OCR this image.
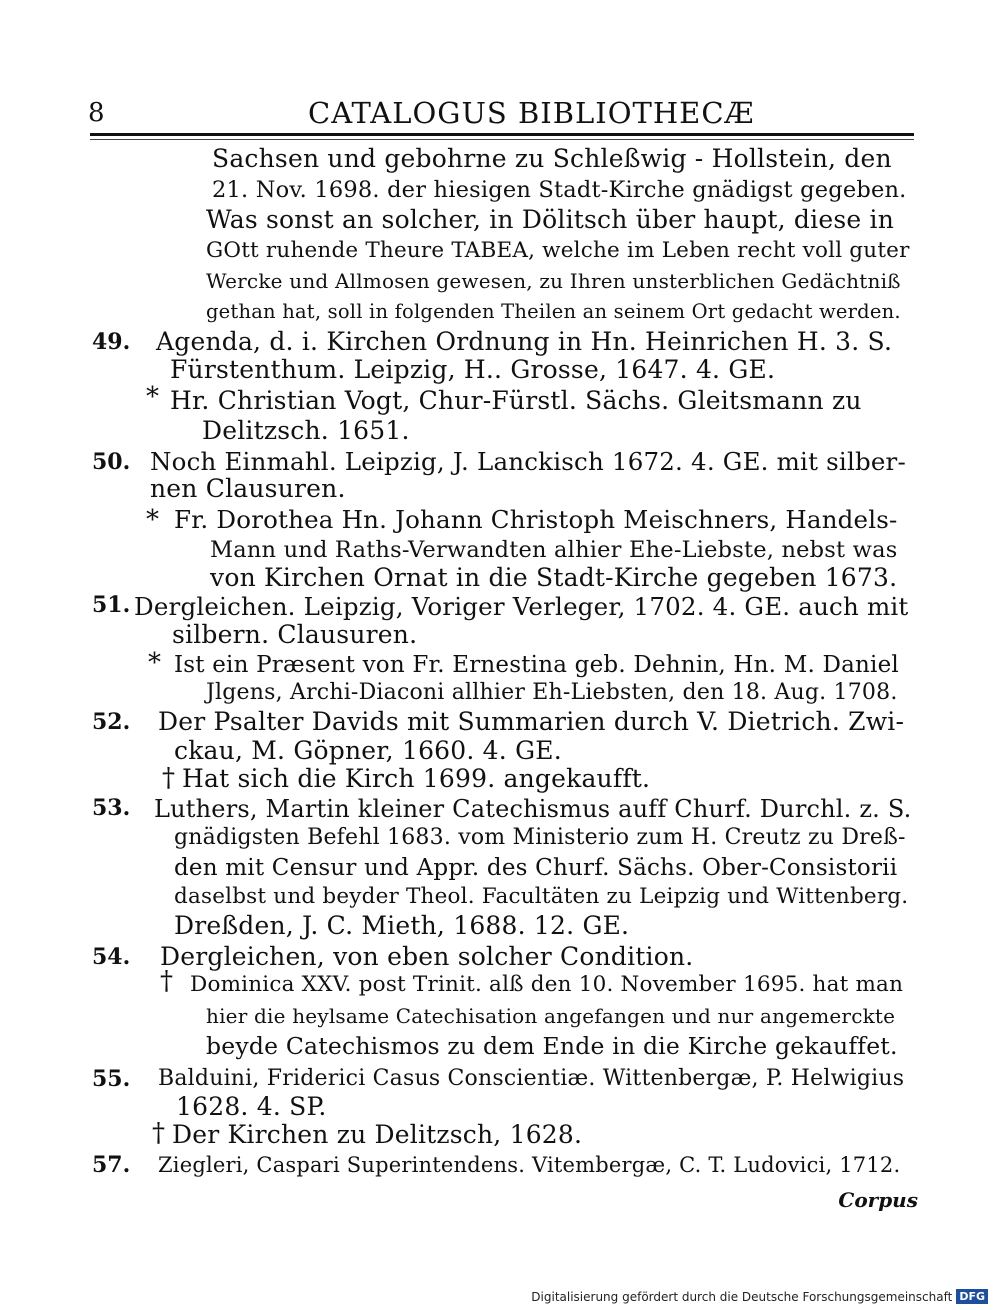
8	CATALOGUS BIBLIOTHECÆ
49.
50.
51.
52.
53.
54.
55.
57.
*
*
*
†
†
†
Sachsen und gebohrne zu Schleßwig - Hollstein, den
21. Nov. 1698. der hiesigen Stadt-Kirche gnädigst gegeben.
Was sonst an solcher, in Dölitsch über haupt, diese in
GOtt ruhende Theure TABEA, welche im Leben recht voll guter
Wercke und Allmosen gewesen, zu Ihren unsterblichen Gedächtniß
gethan hat, soll in folgenden Theilen an seinem Ort gedacht werden.
Agenda, d. i. Kirchen Ordnung in Hn. Heinrichen H. 3. S.
Fürstenthum. Leipzig, H.. Grosse, 1647. 4. GE.
Hr. Christian Vogt, Chur-Fürstl. Sächs. Gleitsmann zu
Delitzsch. 1651.
Noch Einmahl. Leipzig, J. Lanckisch 1672. 4. GE. mit silber-
nen Clausuren.
Fr. Dorothea Hn. Johann Christoph Meischners, Handels-
Mann und Raths-Verwandten alhier Ehe-Liebste, nebst was
von Kirchen Ornat in die Stadt-Kirche gegeben 1673.
Dergleichen. Leipzig, Voriger Verleger, 1702. 4. GE. auch mit
silbern. Clausuren.
Ist ein Præsent von Fr. Ernestina geb. Dehnin, Hn. M. Daniel
Jlgens, Archi-Diaconi allhier Eh-Liebsten, den 18. Aug. 1708.
Der Psalter Davids mit Summarien durch V. Dietrich. Zwi-
ckau, M. Göpner, 1660. 4. GE.
Hat sich die Kirch 1699. angekaufft.
Luthers, Martin kleiner Catechismus auff Churf. Durchl. z. S.
gnädigsten Befehl 1683. vom Ministerio zum H. Creutz zu Dreß-
den mit Censur und Appr. des Churf. Sächs. Ober-Consistorii
daselbst und beyder Theol. Facultäten zu Leipzig und Wittenberg.
Dreßden, J. C. Mieth, 1688. 12. GE.
Dergleichen, von eben solcher Condition.
Dominica XXV. post Trinit. alß den 10. November 1695. hat man
hier die heylsame Catechisation angefangen und nur angemerckte
beyde Catechismos zu dem Ende in die Kirche gekauffet.
Balduini, Friderici Casus Conscientiæ. Wittenbergæ, P. Helwigius
1628. 4. SP.
Der Kirchen zu Delitzsch, 1628.
Ziegleri, Caspari Superintendens. Vitembergæ, C. T. Ludovici, 1712.
Corpus
Digitalisierung gefördert durch die Deutsche Forschungsgemeinschaft DFG
